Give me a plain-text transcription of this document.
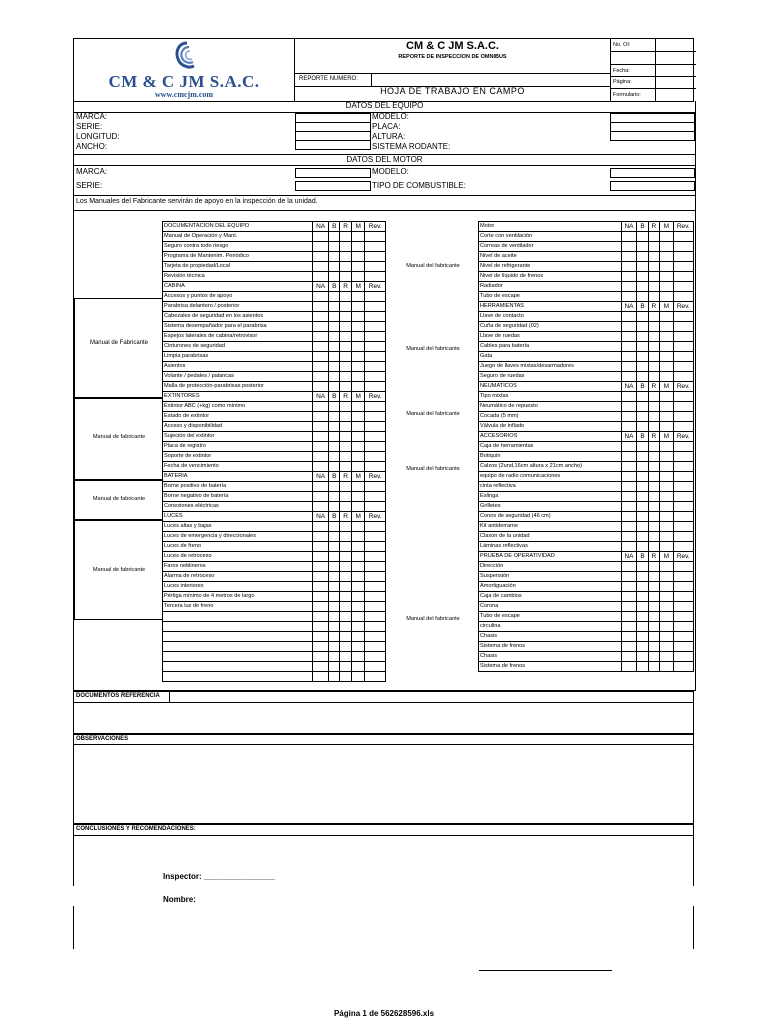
CM & C JM S.A.C.
www.cmcjm.com
CM & C JM S.A.C.
REPORTE DE INSPECCION DE OMNIBUS
REPORTE NUMERO:
HOJA DE TRABAJO EN CAMPO
No. OI:
Fecha:
Página:
Formulario:
DATOS DEL EQUIPO
MARCA:
SERIE:
LONGITUD:
ANCHO:
MODELO:
PLACA:
ALTURA:
SISTEMA RODANTE:
DATOS DEL MOTOR
MARCA:
SERIE:
MODELO:
TIPO DE COMBUSTIBLE:
Los Manuales del Fabricante servirán de apoyo en la inspección de la unidad.
DOCUMENTACION DEL EQUIPO	NA	B	R	M	Rev.
Manual de Operación y Mant.					
Seguro contra todo riesgo					
Programa de Mantenim. Periódico					
Tarjeta de propiedad/Local					
Revisión técnica					
CABINA	NA	B	R	M	Rev.
Accesos y puntos de apoyo					
Parabrisa delantero / posterior					
Cabezales de seguridad en los asientos					
Sistema desempañador para el parabrisa					
Espejos laterales de cabina/retrovisor					
Cinturones de seguridad					
Limpia parabrisas					
Asientos					
Volante / pedales / palancas					
Malla de protección-parabrisas posterior					
EXTINTORES	NA	B	R	M	Rev.
Extintor ABC (+kg) como mínimo					
Estado de extintor					
Acceso y disponibilidad					
Sujeción del extintor					
Placa de registro					
Soporte de extintor					
Fecha de vencimiento					
BATERIA	NA	B	R	M	Rev.
Borne positivo de batería					
Borne negativo de batería					
Conexiones eléctricas					
LUCES	NA	B	R	M	Rev.
Luces altas y bajas					
Luces de emergencia y direccionales					
Luces de freno					
Luces de retroceso					
Faros neblineros					
Alarma de retroceso					
Luces interiores					
Pértiga mínimo de 4 metros de largo					
Tercera luz de freno					

Motor	NA	B	R	M	Rev.
Corte con ventilación					
Correas de ventilador					
Nivel de aceite					
Nivel de refrigerante					
Nivel de líquido de frenos					
Radiador					
Tubo de escape					
HERRAMIENTAS	NA	B	R	M	Rev.
Llave de contacto					
Cuña de seguridad (02)					
Llave de ruedas					
Cables para batería					
Gata					
Juego de llaves mixtas/desarmadores					
Seguro de ruedas					
NEUMATICOS	NA	B	R	M	Rev.
Tipo mixtas					
Neumático de repuesto					
Cocada (5 mm)					
Válvula de inflado					
ACCESORIOS	NA	B	R	M	Rev.
Caja de herramientas					
Botiquín					
Calzos (2und,16cm altura x 21cm ancho)					
equipo de radio comunicaciones					
cinta reflectiva					
Eslinga					
Grilletes					
Conos de seguridad (46 cm)					
Kit antiderrame					
Claxon de la unidad					
Láminas reflectivas					
PRUEBA DE OPERATIVIDAD	NA	B	R	M	Rev.
Dirección					
Suspensión					
Amortiguación					
Caja de cambios					
Corona					
Tubo de escape					
circulina					
Chasis					
Sistema de frenos					
Chasis					
Sistema de frenos					
Manual de Fabricante
Manual de fabricante
Manual de fabricante
Manual de fabricante
Manual del fabricante
Manual del fabricante
Manual del fabricante
Manual del fabricante
Manual del fabricante
DOCUMENTOS REFERENCIA
OBSERVACIONES
CONCLUSIONES Y RECOMENDACIONES:
Inspector: ________________
Nombre:
Página 1 de 562628596.xls
